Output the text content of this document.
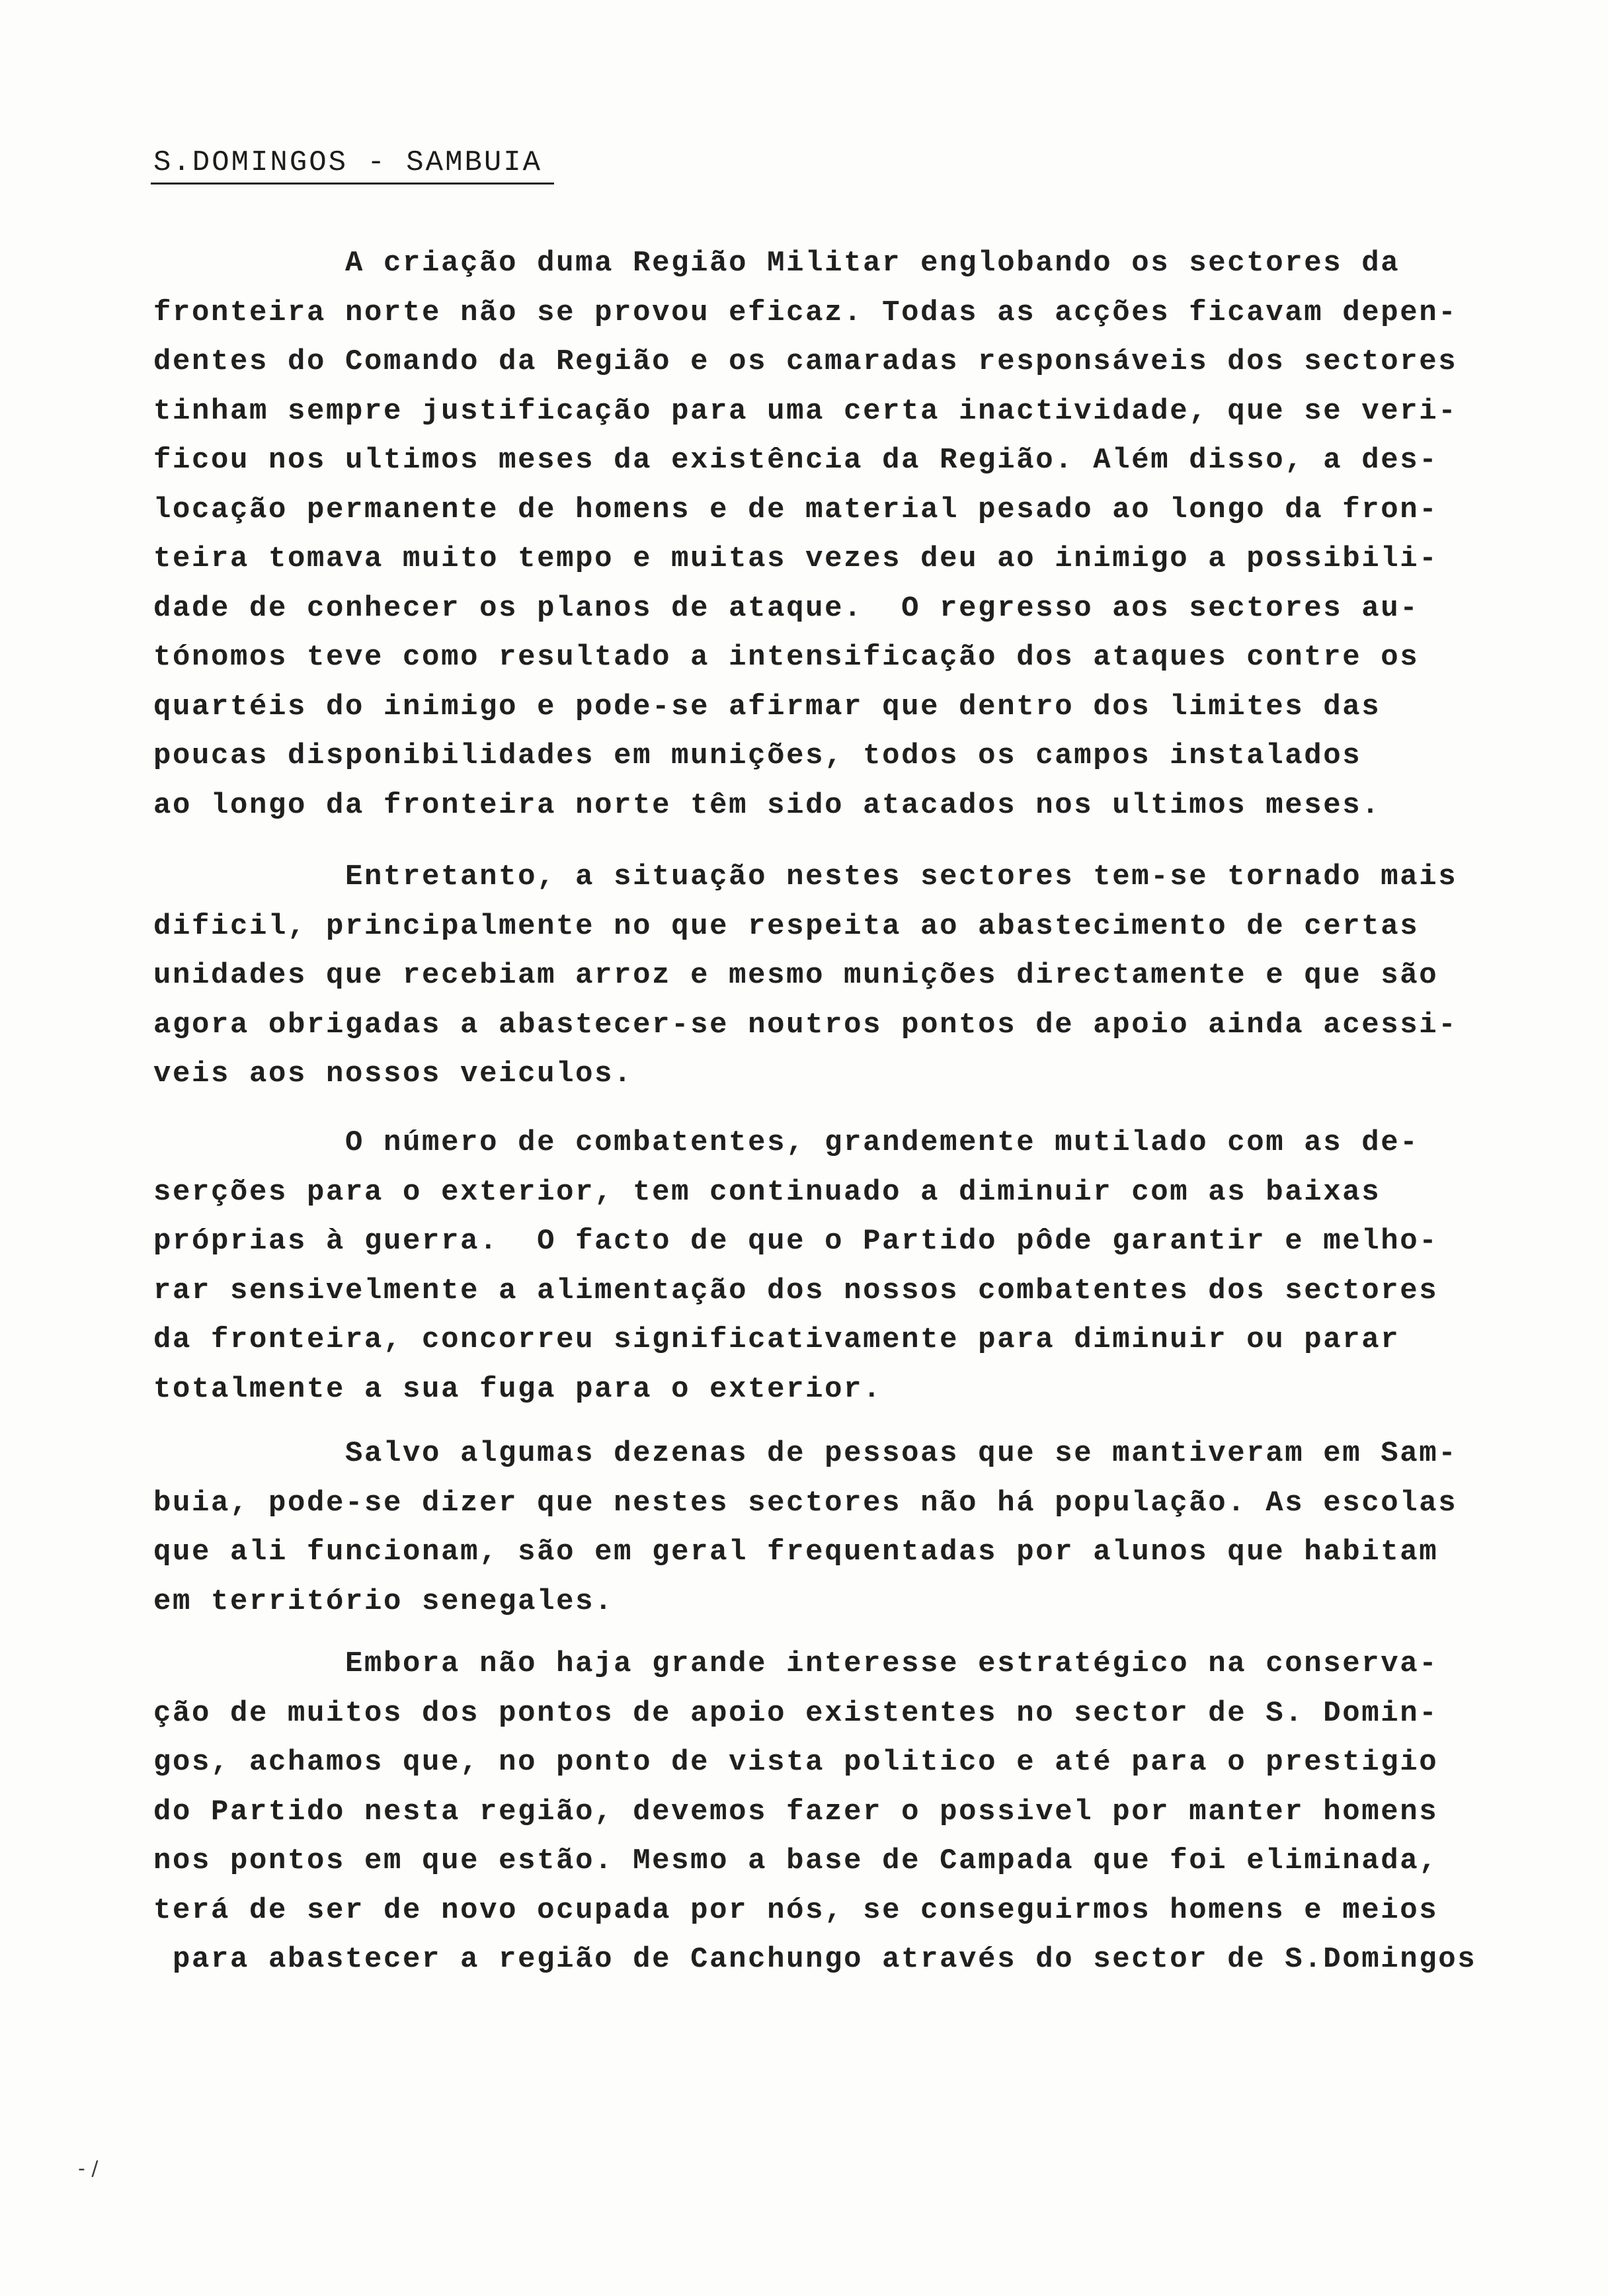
S.DOMINGOS - SAMBUIA
A criação duma Região Militar englobando os sectores da
fronteira norte não se provou eficaz. Todas as acções ficavam depen-
dentes do Comando da Região e os camaradas responsáveis dos sectores
tinham sempre justificação para uma certa inactividade, que se veri-
ficou nos ultimos meses da existência da Região. Além disso, a des-
locação permanente de homens e de material pesado ao longo da fron-
teira tomava muito tempo e muitas vezes deu ao inimigo a possibili-
dade de conhecer os planos de ataque.  O regresso aos sectores au-
tónomos teve como resultado a intensificação dos ataques contre os
quartéis do inimigo e pode-se afirmar que dentro dos limites das
poucas disponibilidades em munições, todos os campos instalados
ao longo da fronteira norte têm sido atacados nos ultimos meses.
Entretanto, a situação nestes sectores tem-se tornado mais
dificil, principalmente no que respeita ao abastecimento de certas
unidades que recebiam arroz e mesmo munições directamente e que são
agora obrigadas a abastecer-se noutros pontos de apoio ainda acessi-
veis aos nossos veiculos.
O número de combatentes, grandemente mutilado com as de-
serções para o exterior, tem continuado a diminuir com as baixas
próprias à guerra.  O facto de que o Partido pôde garantir e melho-
rar sensivelmente a alimentação dos nossos combatentes dos sectores
da fronteira, concorreu significativamente para diminuir ou parar
totalmente a sua fuga para o exterior.
Salvo algumas dezenas de pessoas que se mantiveram em Sam-
buia, pode-se dizer que nestes sectores não há população. As escolas
que ali funcionam, são em geral frequentadas por alunos que habitam
em território senegales.
Embora não haja grande interesse estratégico na conserva-
ção de muitos dos pontos de apoio existentes no sector de S. Domin-
gos, achamos que, no ponto de vista politico e até para o prestigio
do Partido nesta região, devemos fazer o possivel por manter homens
nos pontos em que estão. Mesmo a base de Campada que foi eliminada,
terá de ser de novo ocupada por nós, se conseguirmos homens e meios
para abastecer a região de Canchungo através do sector de S.Domingos
- /
